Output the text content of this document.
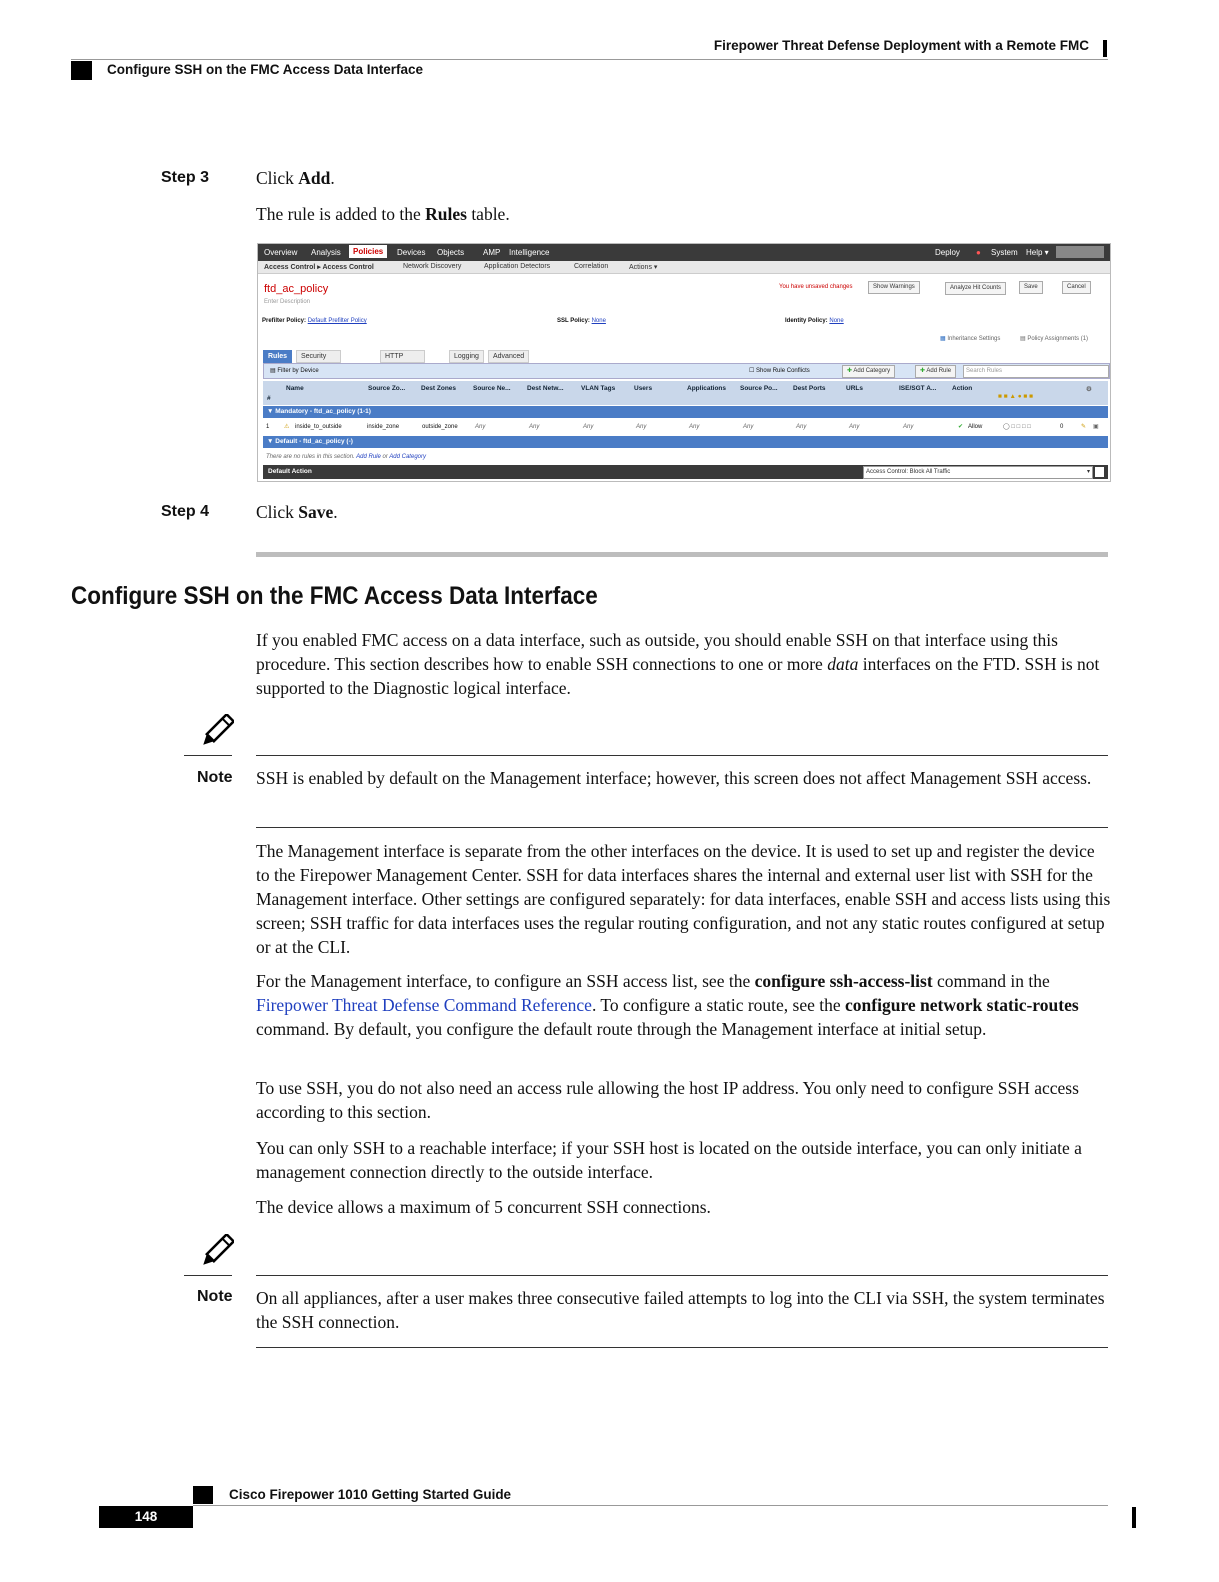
Firepower Threat Defense Deployment with a Remote FMC
Configure SSH on the FMC Access Data Interface
Step 3	Click Add.
The rule is added to the Rules table.
Overview Analysis	Policies	Devices Objects AMP Intelligence	Deploy ● System Help ▾
Access Control ▸ Access Control	Network Discovery	Application Detectors	Correlation	Actions ▾
ftd_ac_policy
Enter Description
You have unsaved changes	Show Warnings	Analyze Hit Counts	Save	Cancel
Prefilter Policy: Default Prefilter Policy	SSL Policy: None	Identity Policy: None
▦ Inheritance Settings	▤ Policy Assignments (1)
Rules	Security	HTTP	Logging	Advanced
▤ Filter by Device	☐ Show Rule Conflicts	✚ Add Category	✚ Add Rule	Search Rules
#
Name	Source Zo... Dest Zones	Source Ne...	Dest Netw...	VLAN Tags	Users	Applications Source Po... Dest Ports	URLs	ISE/SGT A... Action
■ ■ ▲ ● ■ ■
⚙
▼ Mandatory - ftd_ac_policy (1-1)
1 ⚠ inside_to_outside	inside_zone	outside_zone	Any	Any	Any	Any	Any	Any	Any	Any	Any	✔ Allow	◯ □ □ □ □	0	✎ ▣
▼ Default - ftd_ac_policy (-)
There are no rules in this section. Add Rule or Add Category
Default Action	Access Control: Block All Traffic	▾
Step 4	Click Save.
Configure SSH on the FMC Access Data Interface
If you enabled FMC access on a data interface, such as outside, you should enable SSH on that interface using this procedure. This section describes how to enable SSH connections to one or more data interfaces on the FTD. SSH is not supported to the Diagnostic logical interface.
Note SSH is enabled by default on the Management interface; however, this screen does not affect Management SSH access.
The Management interface is separate from the other interfaces on the device. It is used to set up and register the device to the Firepower Management Center. SSH for data interfaces shares the internal and external user list with SSH for the Management interface. Other settings are configured separately: for data interfaces, enable SSH and access lists using this screen; SSH traffic for data interfaces uses the regular routing configuration, and not any static routes configured at setup or at the CLI.
For the Management interface, to configure an SSH access list, see the configure ssh-access-list command in the Firepower Threat Defense Command Reference. To configure a static route, see the configure network static-routes command. By default, you configure the default route through the Management interface at initial setup.
To use SSH, you do not also need an access rule allowing the host IP address. You only need to configure SSH access according to this section.
You can only SSH to a reachable interface; if your SSH host is located on the outside interface, you can only initiate a management connection directly to the outside interface.
The device allows a maximum of 5 concurrent SSH connections.
Note On all appliances, after a user makes three consecutive failed attempts to log into the CLI via SSH, the system terminates the SSH connection.
Cisco Firepower 1010 Getting Started Guide
148
